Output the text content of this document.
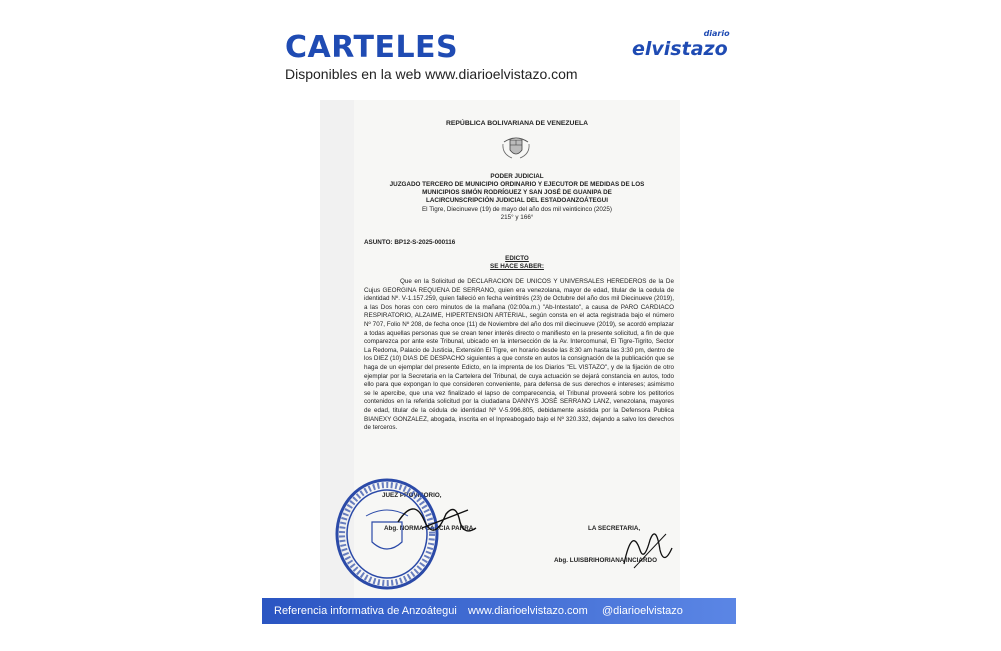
CARTELES
Disponibles en la web www.diarioelvistazo.com
elvistazo
diario
REPÚBLICA BOLIVARIANA DE VENEZUELA
PODER JUDICIAL
JUZGADO TERCERO DE MUNICIPIO ORDINARIO Y EJECUTOR DE MEDIDAS DE LOS
MUNICIPIOS SIMÓN RODRÍGUEZ Y SAN JOSÉ DE GUANIPA DE
LACIRCUNSCRIPCIÓN JUDICIAL DEL ESTADOANZOÁTEGUI
El Tigre, Diecinueve (19) de mayo del año dos mil veinticinco (2025)
215° y 166°
ASUNTO: BP12-S-2025-000116
EDICTO
SE HACE SABER:

Que en la Solicitud de DECLARACION DE UNICOS Y UNIVERSALES HEREDEROS de la De Cujus GEORGINA REQUENA DE SERRANO, quien era venezolana, mayor de edad, titular de la cedula de identidad Nº. V-1.157.259, quien falleció en fecha veintitrés (23) de Octubre del año dos mil Diecinueve (2019), a las Dos horas con cero minutos de la mañana (02:00a.m.) "Ab-Intestato", a causa de PARO CARDIACO RESPIRATORIO, ALZAIME, HIPERTENSION ARTERIAL, según consta en el acta registrada bajo el número Nº 707, Folio Nº 208, de fecha once (11) de Noviembre del año dos mil diecinueve (2019), se acordó emplazar a todas aquellas personas que se crean tener interés directo o manifiesto en la presente solicitud, a fin de que comparezca por ante este Tribunal, ubicado en la intersección de la Av. Intercomunal, El Tigre-Tigrito, Sector La Redoma, Palacio de Justicia, Extensión El Tigre, en horario desde las 8:30 am hasta las 3:30 pm, dentro de los DIEZ (10) DIAS DE DESPACHO siguientes a que conste en autos la consignación de la publicación que se haga de un ejemplar del presente Edicto, en la imprenta de los Diarios "EL VISTAZO", y de la fijación de otro ejemplar por la Secretaria en la Cartelera del Tribunal, de cuya actuación se dejará constancia en autos, todo ello para que expongan lo que consideren conveniente, para defensa de sus derechos e intereses; asimismo se le apercibe, que una vez finalizado el lapso de comparecencia, el Tribunal proveerá sobre los petitorios contenidos en la referida solicitud por la ciudadana DANNYS JOSÉ SERRANO LANZ, venezolana, mayores de edad, titular de la cédula de identidad Nº V-5.996.805, debidamente asistida por la Defensora Publica BIANEXY GONZALEZ, abogada, inscrita en el Inpreabogado bajo el Nº 320.332, dejando a salvo los derechos de terceros.

JUEZ PROVISORIO,
Abg. NORMA GARCIA PARRA.	LA SECRETARIA,
Abg. LUISBRIHORIANA INCIARDO
Referencia informativa de Anzoátegui www.diarioelvistazo.com @diarioelvistazo
